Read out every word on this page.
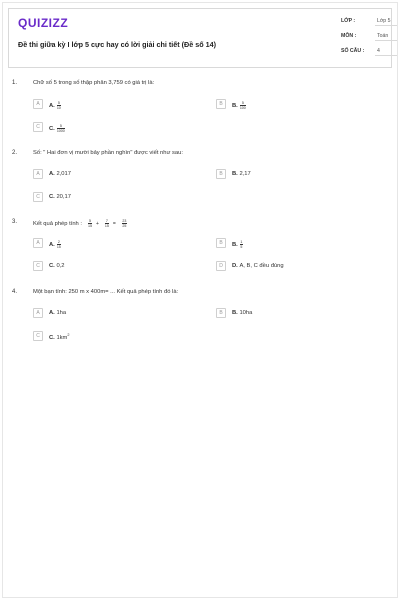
QUIZIZZ
Đề thi giữa kỳ I lớp 5 cực hay có lời giải chi tiết (Đề số 14)
LỚP :	Lớp 5
MÔN :	Toán
SỐ CÂU :	4
1.	Chữ số 5 trong số thập phân 3,759 có giá trị là:
A	A. $\frac{5}{10}$	B	B. $\frac{5}{100}$
C	C. $\frac{5}{1000}$
2.	Số: " Hai đơn vị mười bảy phần nghìn" được viết như sau:
A	A. 2,017	B	B. 2,17
C	C. 20,17
3.	Kết quả phép tính : $\frac{5}{15} + \frac{7}{15} = \frac{23}{25}$
A	A. $\frac{2}{15}$	B	B. $\frac{1}{5}$
C	C. 0,2	D	D. A, B, C đều đúng
4.	Một bạn tính: 250 m x 400m= ... Kết quả phép tính đó là:
A	A. 1ha	B	B. 10ha
C	C. $1km^2$
